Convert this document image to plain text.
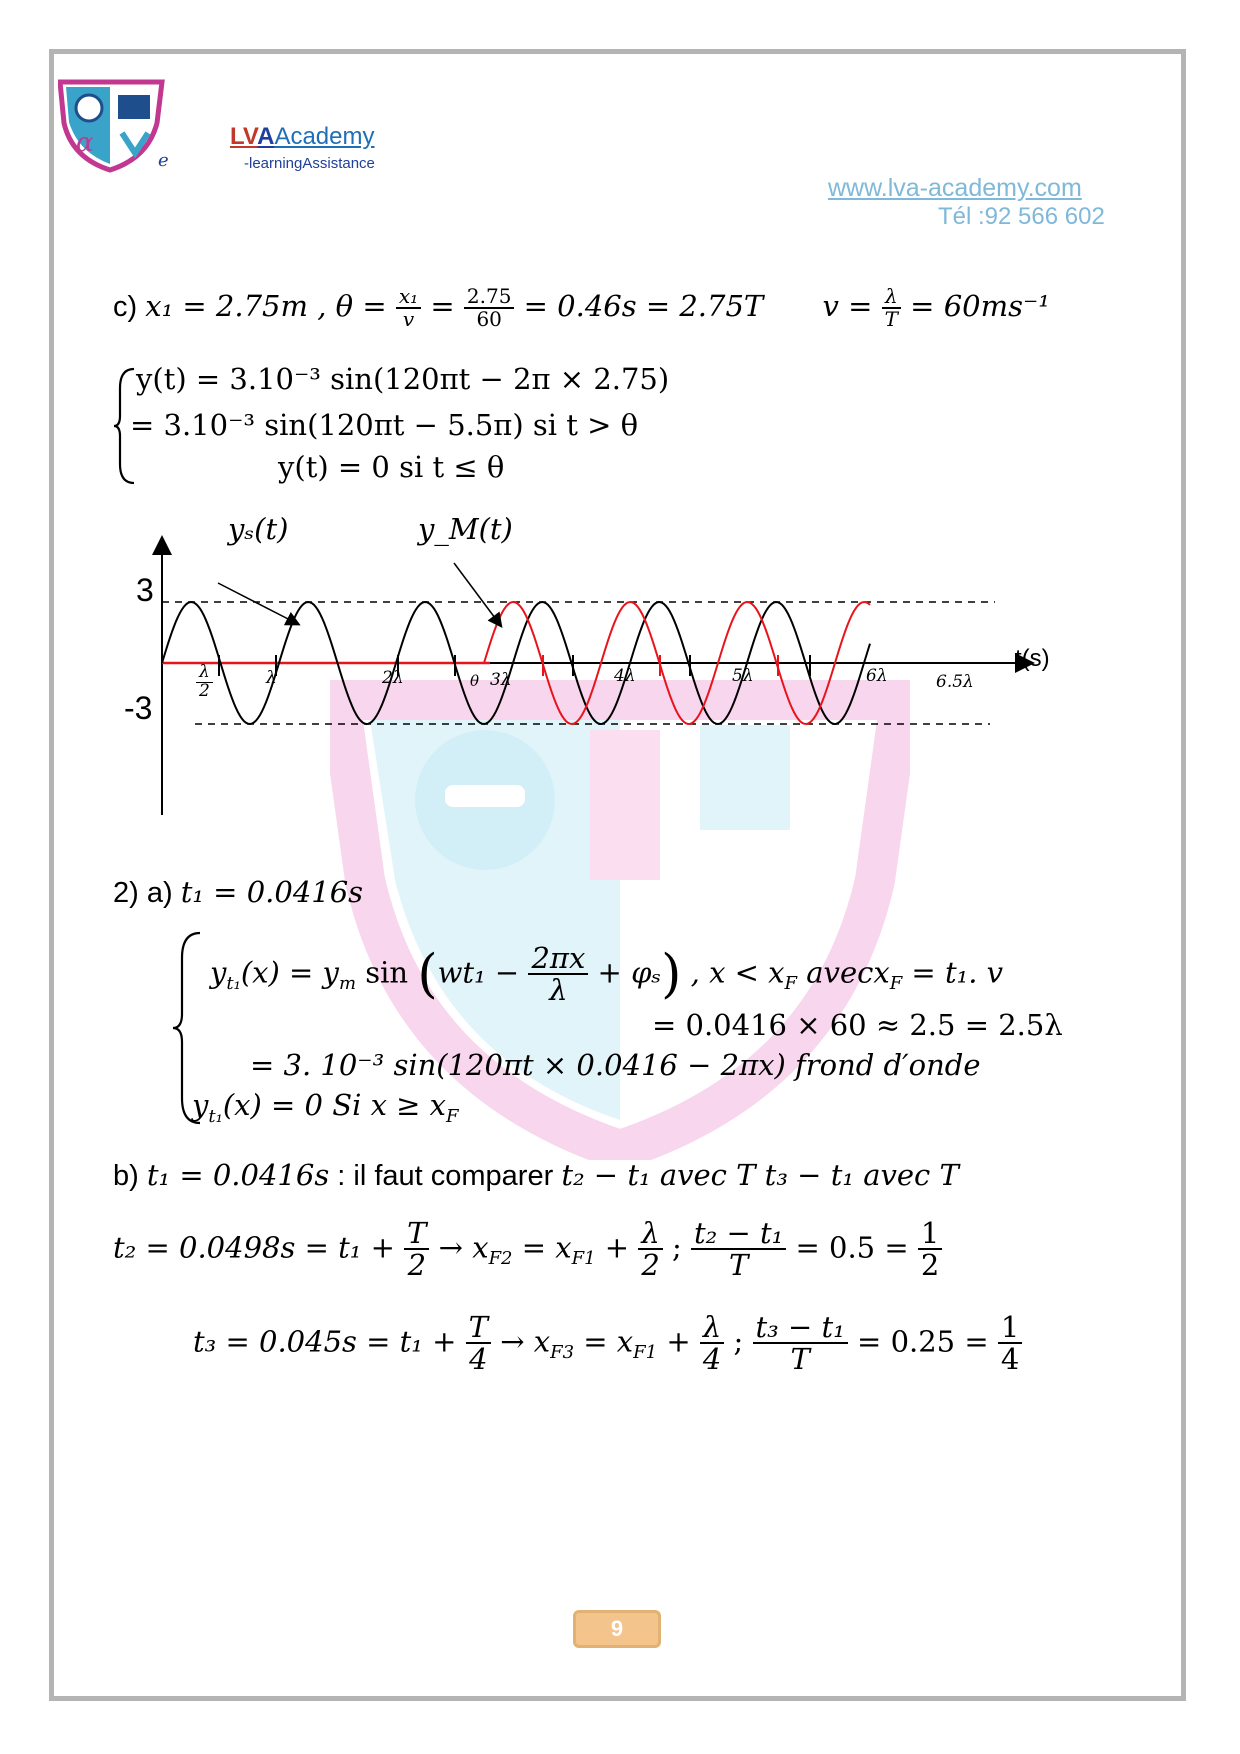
α
e
LVAAcademy
-learningAssistance
www.lva-academy.com
Tél :92 566 602
c) x₁ = 2.75m , $\theta = \frac{\text{x₁}}{v} = \frac{2.75}{60} = 0.46s = 2.75T$ $v = \frac{\lambda}{T} = 60ms^{-1}$
y(t) = 3.10⁻³ sin(120πt − 2π × 2.75)
= 3.10⁻³ sin(120πt − 5.5π) si t > θ
y(t) = 0 si t ≤ θ
yₛ(t)	y_M(t)
3
-3
t(s)
$\frac{\lambda}{2}$	λ	2λ	θ 3λ	4λ	5λ	6λ	6.5λ
2) a) t₁ = 0.0416s
$y_{t_1}(x) = y_m$ $\sin (wt_1 - \frac{2\pi x}{\lambda} + \varphi_s)$ , $x < x_F$ avecx$_F$ = t₁. v
= 0.0416 × 60 ≈ 2.5 = 2.5λ
= 3. 10⁻³ sin(120πt × 0.0416 − 2πx) frond d′onde
$y_{t_1}(x) = 0$ Si $x \ge x_F$
b) t₁ = 0.0416s : il faut comparer t₂ − t₁ avec T t₃ − t₁ avec T
$t_2 = 0.0498s = t_1 + \frac{T}{2} \to x_{F2} = x_{F1} + \frac{\lambda}{2}$ ; $\frac{\text{t₂ − t₁}}{T} = 0.5 = \frac{1}{2}$
$t_3 = 0.045s = t_1 + \frac{T}{4} \to x_{F3} = x_{F1} + \frac{\lambda}{4}$ ; $\frac{\text{t₃ − t₁}}{T} = 0.25 = \frac{1}{4}$
9
